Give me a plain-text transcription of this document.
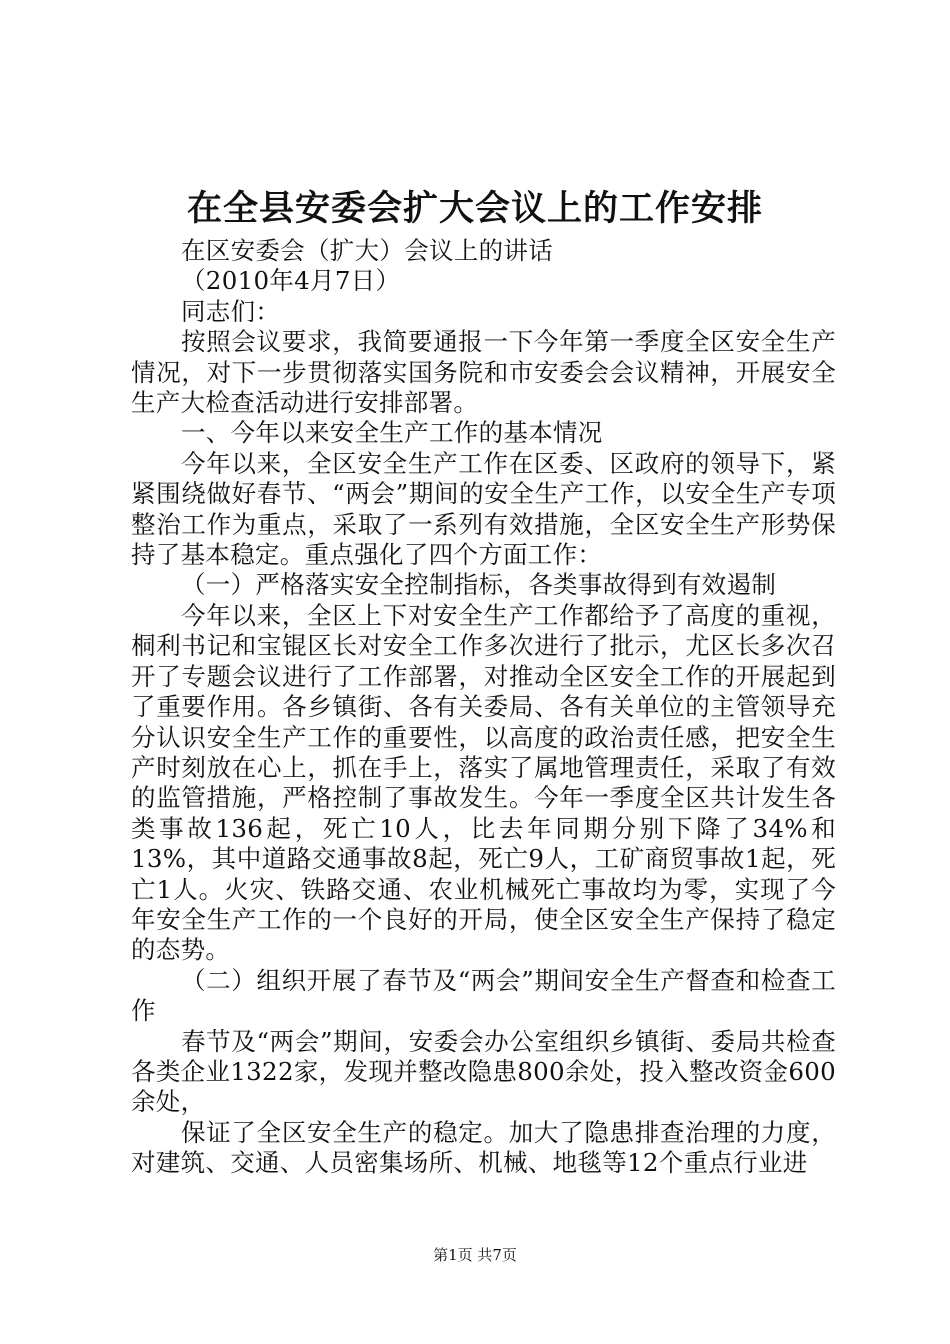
在全县安委会扩大会议上的工作安排

在区安委会（扩大）会议上的讲话

（2010年4月7日）

同志们：

按照会议要求，我简要通报一下今年第一季度全区安全生产情况，对下一步贯彻落实国务院和市安委会会议精神，开展安全生产大检查活动进行安排部署。

一、今年以来安全生产工作的基本情况

今年以来，全区安全生产工作在区委、区政府的领导下，紧紧围绕做好春节、“两会”期间的安全生产工作，以安全生产专项整治工作为重点，采取了一系列有效措施，全区安全生产形势保持了基本稳定。重点强化了四个方面工作：

（一）严格落实安全控制指标，各类事故得到有效遏制

今年以来，全区上下对安全生产工作都给予了高度的重视，桐利书记和宝锟区长对安全工作多次进行了批示，尤区长多次召开了专题会议进行了工作部署，对推动全区安全工作的开展起到了重要作用。各乡镇街、各有关委局、各有关单位的主管领导充分认识安全生产工作的重要性，以高度的政治责任感，把安全生产时刻放在心上，抓在手上，落实了属地管理责任，采取了有效的监管措施，严格控制了事故发生。今年一季度全区共计发生各类事故136起，死亡10人，比去年同期分别下降了34%和13%，其中道路交通事故8起，死亡9人，工矿商贸事故1起，死亡1人。火灾、铁路交通、农业机械死亡事故均为零，实现了今年安全生产工作的一个良好的开局，使全区安全生产保持了稳定的态势。

（二）组织开展了春节及“两会”期间安全生产督查和检查工作

春节及“两会”期间，安委会办公室组织乡镇街、委局共检查各类企业1322家，发现并整改隐患800余处，投入整改资金600余处，

保证了全区安全生产的稳定。加大了隐患排查治理的力度，对建筑、交通、人员密集场所、机械、地毯等12个重点行业进

第1页 共7页
